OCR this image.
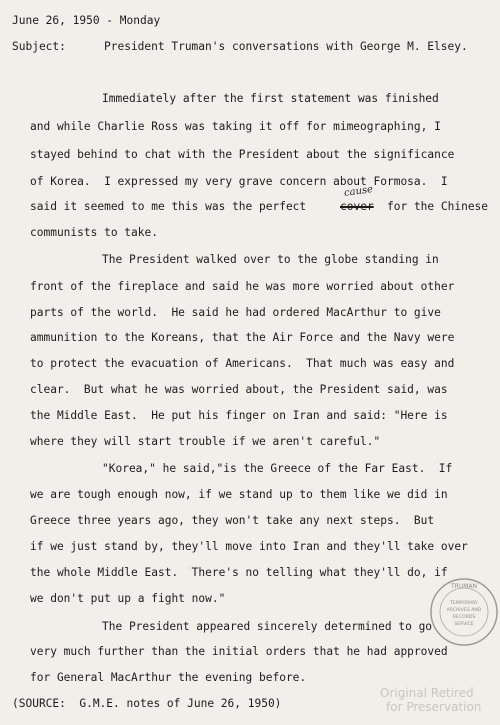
June 26, 1950 - Monday
Subject:	President Truman's conversations with George M. Elsey.
Immediately after the first statement was finished
and while Charlie Ross was taking it off for mimeographing, I
stayed behind to chat with the President about the significance
of Korea.  I expressed my very grave concern about Formosa.  I
said it seemed to me this was the perfect	cover
cause
for the Chinese
communists to take.
The President walked over to the globe standing in
front of the fireplace and said he was more worried about other
parts of the world.  He said he had ordered MacArthur to give
ammunition to the Koreans, that the Air Force and the Navy were
to protect the evacuation of Americans.  That much was easy and
clear.  But what he was worried about, the President said, was
the Middle East.  He put his finger on Iran and said: "Here is
where they will start trouble if we aren't careful."
"Korea," he said,"is the Greece of the Far East.  If
we are tough enough now, if we stand up to them like we did in
Greece three years ago, they won't take any next steps.  But
if we just stand by, they'll move into Iran and they'll take over
the whole Middle East.  There's no telling what they'll do, if
we don't put up a fight now."
The President appeared sincerely determined to go
very much further than the initial orders that he had approved
for General MacArthur the evening before.
(SOURCE:  G.M.E. notes of June 26, 1950)
TRUMAN
TEMPORARY
ARCHIVES AND
RECORDS
SERVICE
Original Retired
for Preservation
